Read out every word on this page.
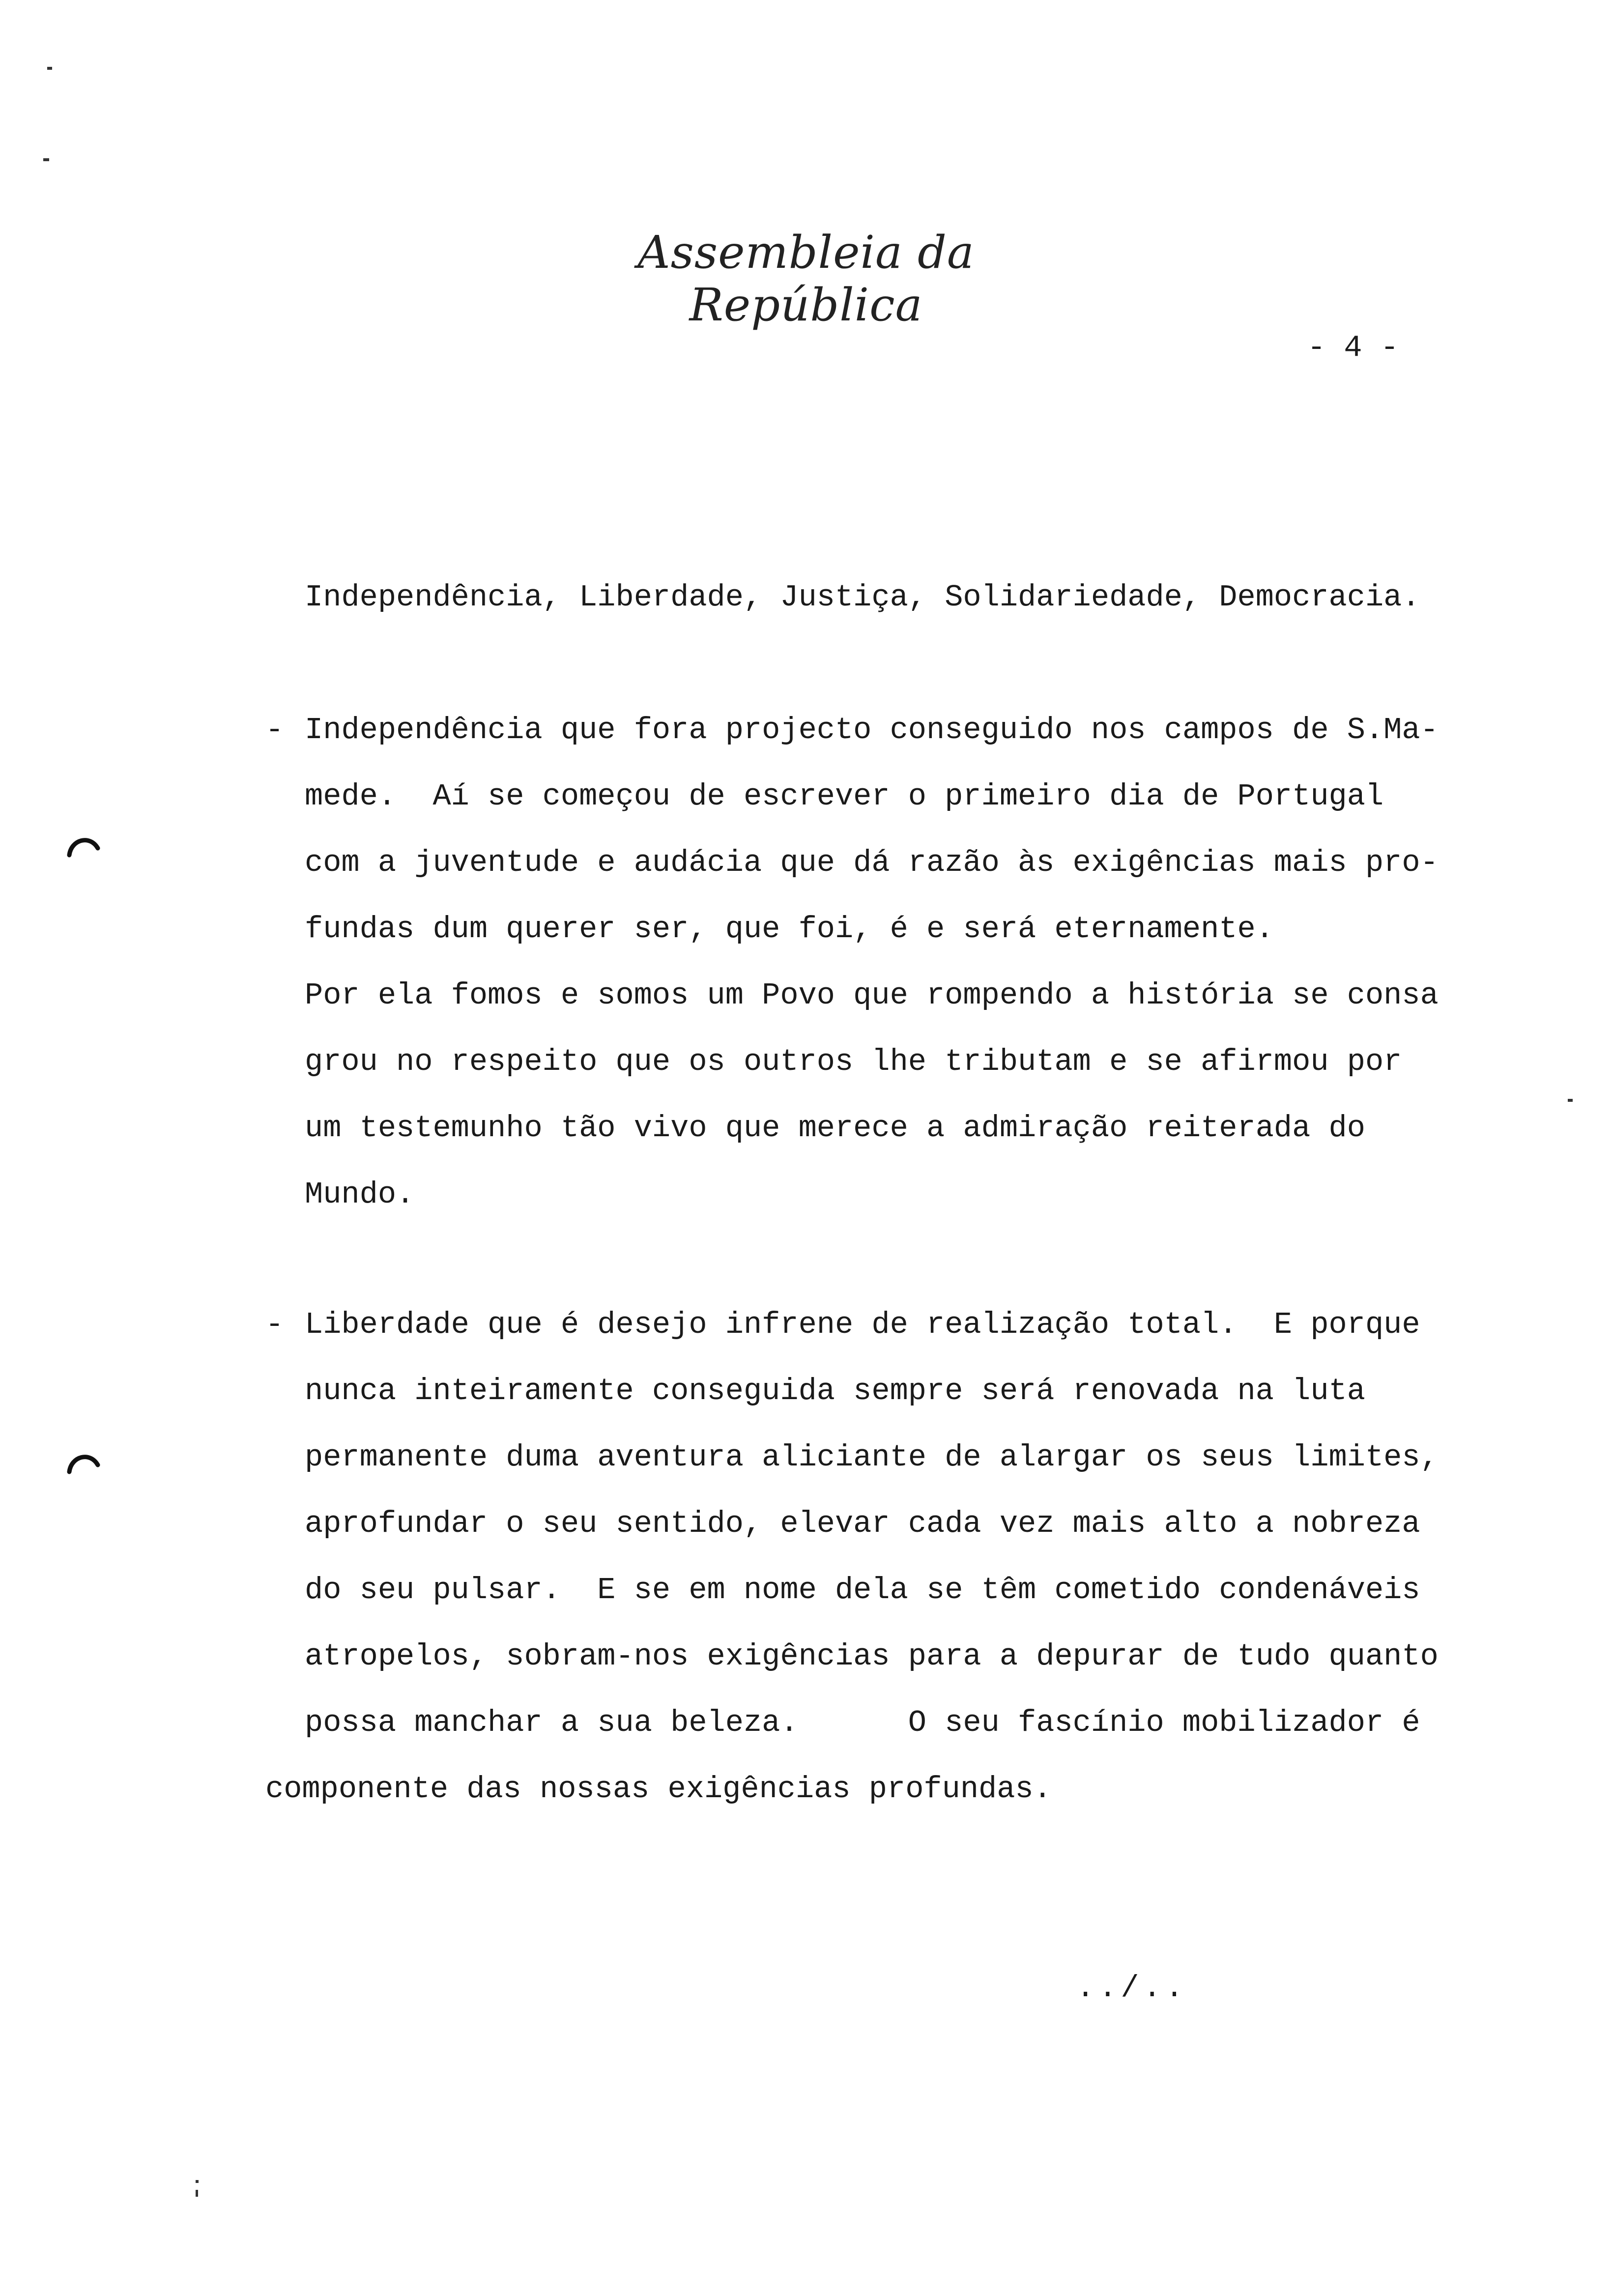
Assembleia da República
- 4 -
Independência, Liberdade, Justiça, Solidariedade, Democracia.
- Independência que fora projecto conseguido nos campos de S.Ma-
mede.  Aí se começou de escrever o primeiro dia de Portugal
com a juventude e audácia que dá razão às exigências mais pro-
fundas dum querer ser, que foi, é e será eternamente.
Por ela fomos e somos um Povo que rompendo a história se consa
grou no respeito que os outros lhe tributam e se afirmou por
um testemunho tão vivo que merece a admiração reiterada do
Mundo.
- Liberdade que é desejo infrene de realização total.  E porque
nunca inteiramente conseguida sempre será renovada na luta
permanente duma aventura aliciante de alargar os seus limites,
aprofundar o seu sentido, elevar cada vez mais alto a nobreza
do seu pulsar.  E se em nome dela se têm cometido condenáveis
atropelos, sobram-nos exigências para a depurar de tudo quanto
possa manchar a sua beleza.      O seu fascínio mobilizador é
componente das nossas exigências profundas.
../..
